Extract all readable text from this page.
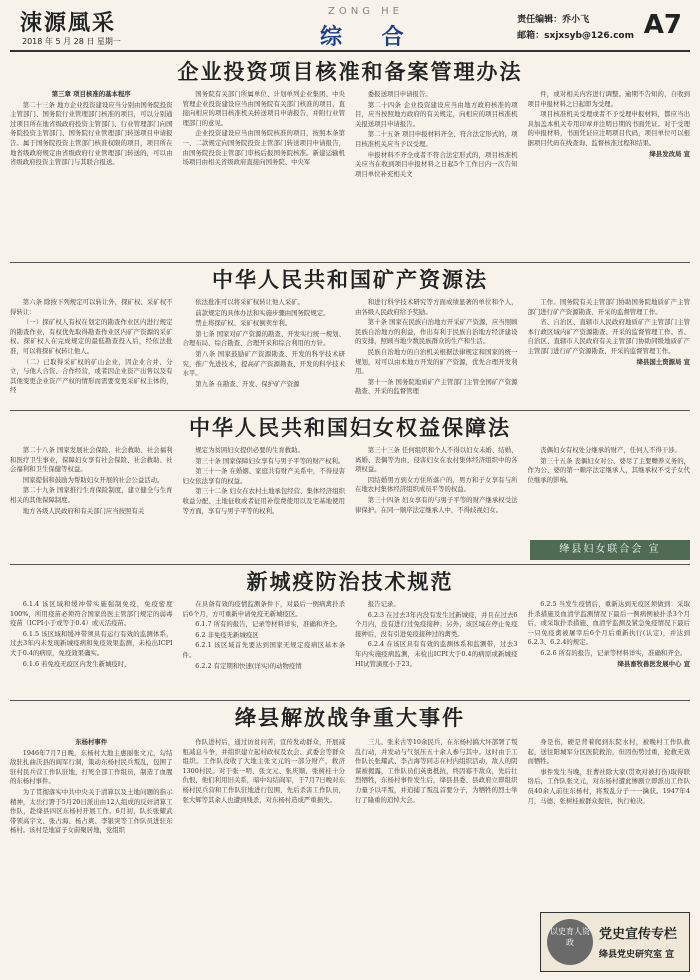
涑源風采
2018 年 5 月 28 日 星期一
ZONG HE
综 合
责任编辑：乔小飞
邮箱：sxjxsyb@126.com A7
企业投资项目核准和备案管理办法

第三章 项目核准的基本程序

第二十三条 地方企业投资建设应当分别由国务院投资主管部门、国务院行业管理部门核准的项目，可以分别通过项目所在地省级政府投资主管部门、行业管理部门向国务院投资主管部门、国务院行业管理部门转送项目申请报告。属于国务院投资主管部门核准权限的项目，项目所在地省级政府规定由省级政府行业管理部门转送的，可以由省级政府投资主管部门与其联合报送。

国务院有关部门所属单位、计划单列企业集团、中央管理企业投资建设应当由国务院有关部门核准的项目，直接向相应的项目核准机关转送项目申请报告，并附行业管理部门的意见。

企业投资建设应当由国务院核准的项目，按照本条第一、二款规定向国务院投资主管部门转送项目申请报告，由国务院投资主管部门审核后报国务院核准。新建运输机场项目由相关省级政府直接向国务院、中央军

委报送项目申请报告。

第二十四条 企业投资建设应当由地方政府核准的项目，应当按照地方政府的有关规定，向相应的项目核准机关报送项目申请报告。

第二十五条 项目申报材料齐全、符合法定形式的，项目核准机关应当予以受理。

申报材料不齐全或者不符合法定形式的，项目核准机关应当在收到项目申报材料之日起5个工作日内一次告知项目单位补充相关文

件，或对相关内容进行调整。逾期不告知的，自收到项目申报材料之日起即为受理。

项目核准机关受理或者不予受理申报材料，都应当出具加盖本机关专用印章并注明日期的书面凭证。对于受理的申报材料，书面凭证应注明项目代码，项目单位可以根据项目代码在线查询、监督核准过程和结果。

绛县发改局 宣

中华人民共和国矿产资源法

第六条 除按下列规定可以转让外，探矿权、采矿权不得转让：

（一）探矿权人有权在划定的勘查作业区内进行规定的勘查作业，有权优先取得勘查作业区内矿产资源的采矿权。探矿权人在完成规定的最低勘查投入后，经依法批准，可以将探矿权转让他人。

（二）已取得采矿权的矿山企业，因企业合并、分立，与他人合资、合作经营，或者因企业资产出售以及有其他变更企业资产产权的情形而需要变更采矿权主体的，经

依法批准可以将采矿权转让他人采矿。

前款规定的具体办法和实施步骤由国务院规定。

禁止将探矿权、采矿权倒卖牟利。

第七条 国家对矿产资源的勘查、开发实行统一规划、合理布局、综合勘查、合理开采和综合利用的方针。

第八条 国家鼓励矿产资源勘查、开发的科学技术研究，推广先进技术，提高矿产资源勘查、开发的科学技术水平。

第九条 在勘查、开发、保护矿产资源

和进行科学技术研究等方面成绩显著的单位和个人，由各级人民政府给予奖励。

第十条 国家在民族自治地方开采矿产资源，应当照顾民族自治地方的利益，作出有利于民族自治地方经济建设的安排，照顾当地少数民族群众的生产和生活。

民族自治地方的自治机关根据法律规定和国家的统一规划，对可以由本地方开发的矿产资源，优先合理开发利用。

第十一条 国务院地质矿产主管部门主管全国矿产资源勘查、开采的监督管理

工作。国务院有关主管部门协助国务院地质矿产主管部门进行矿产资源勘查、开采的监督管理工作。

省、自治区、直辖市人民政府地质矿产主管部门主管本行政区域内矿产资源勘查、开采的监督管理工作。省、自治区、直辖市人民政府有关主管部门协助同级地质矿产主管部门进行矿产资源勘查、开采的监督管理工作。

绛县国土资源局 宣

中华人民共和国妇女权益保障法

第二十八条 国家发展社会保险、社会救助、社会福利和医疗卫生事业，保障妇女享有社会保险、社会救助、社会福利和卫生保健等权益。

国家提倡和鼓励为帮助妇女开展的社会公益活动。

第二十九条 国家推行生育保险制度，建立健全与生育相关的其他保障制度。

地方各级人民政府和有关部门应当按照有关

规定为贫困妇女提供必要的生育救助。

第三十条 国家保障妇女享有与男子平等的财产权利。

第三十一条 在婚姻、家庭共有财产关系中，不得侵害妇女依法享有的权益。

第三十二条 妇女在农村土地承包经营、集体经济组织收益分配、土地征收或者征用补偿费使用以及宅基地使用等方面，享有与男子平等的权利。

第三十三条 任何组织和个人不得以妇女未婚、结婚、离婚、丧偶等为由，侵害妇女在农村集体经济组织中的各项权益。

因结婚男方到女方住所落户的，男方和子女享有与所在地农村集体经济组织成员平等的权益。

第三十四条 妇女享有的与男子平等的财产继承权受法律保护。在同一顺序法定继承人中，不得歧视妇女。

丧偶妇女有权处分继承的财产，任何人不得干涉。

第三十五条 丧偶妇女对公、婆尽了主要赡养义务的，作为公、婆的第一顺序法定继承人，其继承权不受子女代位继承的影响。

绛县妇女联合会 宣
新城疫防治技术规范

6.1.4 该区域和缓冲带实施强制免疫，免疫密度100%，所用疫苗必须符合国家兽医主管部门规定的弱毒疫苗（ICPI小于或等于0.4）或灭活疫苗。

6.1.5 该区域和缓冲带须具有运行有效的监测体系，过去3年内未发现新城疫病和免疫效果监测，未检出ICPI大于0.4的病原，免疫效果确实。

6.1.6 若免疫无疫区内发生新城疫时，

在具备有效的疫情监测条件下，对最后一例病禽扑杀后6个月，方可重新申请免疫无新城疫区。

6.1.7 所有的报告，记录等材料详实，准确和齐全。

6.2 非免疫无新城疫区

6.2.1 该区域首先要达到国家无规定疫病区基本条件。

6.2.2 有定期和快速(详实)的动物疫情

报告记录。

6.2.3 在过去3年内没有发生过新城疫，并且在过去6个月内，没有进行过免疫接种；另外，该区域在停止免疫接种后，没有引进免疫接种过的禽类。

6.2.4 在该区具有有效的监测体系和监测带，过去3年内实施疫病监测，未检出ICPI大于0.4的病原或新城疫HI试管滴度小于23。

6.2.5 当发生疫情后，重新达到无疫区须做到：采取扑杀措施及血清学监测情况下最后一例病例被扑杀3个月后，或采取扑杀措施、血清学监测及紧急免疫情况下最后一只免疫禽被屠宰后6个月后重新执行(认定)，并达到6.2.3、6.2.4的规定。

6.2.6 所有的报告，记录等材料详实，准确和齐全。

绛县畜牧兽医发展中心 宣

绛县解放战争重大事件

东杨村事件

1946年7月7日晚，东杨村大地主惠丽张文元，勾结敌驻扎曲沃县的阎军行洞，策动东杨村民兵叛乱，包围了驻村民兵营工作队驻地，打死全部工作组员，制造了血腥的东杨村事件。

为了贯彻落实中共中央关于清算以及土地问题的指示精神，太岳行署于5月20日派出由12人组成的反奸清算工作队，赴绛县四区东杨村开展工作。6月初，队长张耀武带领高宇文、张占海、杨占爽、李银突等工作队员进驻东杨村。该村是地富子女蔚聚居地，党组织

作队进村后，通过访贫问苦，宣传发动群众，开展减租减息斗争，并组织建立起村政权及农会、武委会等群众组织。工作队没收了大地主张文元的一部分财产，救济1300村民。对于张一明、张文元、张庆顺、张树桂十分仇恨，他们利用旧关系，暗中勾结阎军，于7月7日晚对东杨村民兵营和工作队驻地进行包围，先后杀害工作队员，张大辉等其余人也遭到残杀，对东杨村造成严重损失。

三儿、张来古等10余民兵，在东杨村搞大坏部署了叛乱行动，并发动与气氛压五十余人参与其中。这时由于工作队长张耀武、李占海等同志在村内组织活动，敌人的阴谋被揭露，工作队员们英勇抵抗，终因寡不敌众，先后壮烈牺牲，东杨村事件发生后，绛县县委、县政府立即组织力量予以平叛，并追捕了叛乱首要分子，为牺牲的烈士举行了隆重的追悼大会。

身是伤，硬是背着爬到东院水村，被晚村工作队救起，送往阳城军分区医院救治，但因伤势过重，抢救无效而牺牲。

事件发生当晚，驻曹社除大家(贯欢对被打伤)取得联络后，工作队张文元，对东杨村遭此惨剧立即派出工作队员40余人前往东杨村，将叛乱分子一一擒获。1947年4月，马德、张树桂被群众捉住，执行枪决。

以史育人资政
党史宣传专栏
绛县党史研究室 宣
